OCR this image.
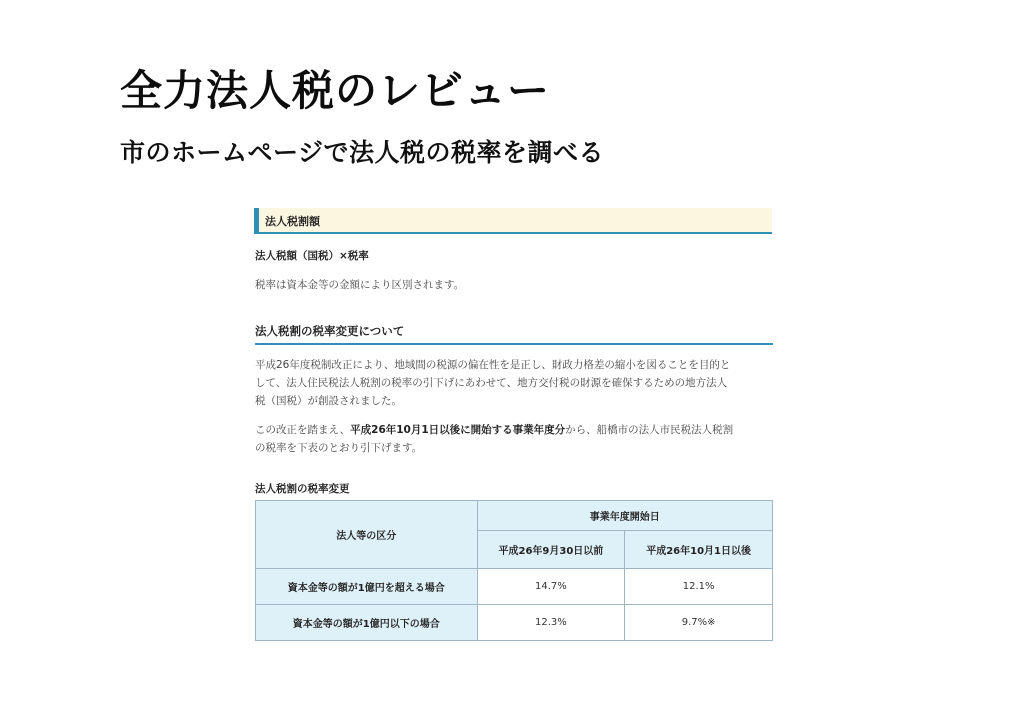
全力法人税のレビュー
市のホームページで法人税の税率を調べる
法人税割額
法人税額（国税）×税率
税率は資本金等の金額により区別されます。
法人税割の税率変更について
平成26年度税制改正により、地域間の税源の偏在性を是正し、財政力格差の縮小を図ることを目的と
して、法人住民税法人税割の税率の引下げにあわせて、地方交付税の財源を確保するための地方法人
税（国税）が創設されました。
この改正を踏まえ、平成26年10月1日以後に開始する事業年度分から、船橋市の法人市民税法人税割
の税率を下表のとおり引下げます。
法人税割の税率変更
法人等の区分	事業年度開始日	
	平成26年9月30日以前	平成26年10月1日以後
資本金等の額が1億円を超える場合	14.7%	12.1%
資本金等の額が1億円以下の場合	12.3%	9.7%※
